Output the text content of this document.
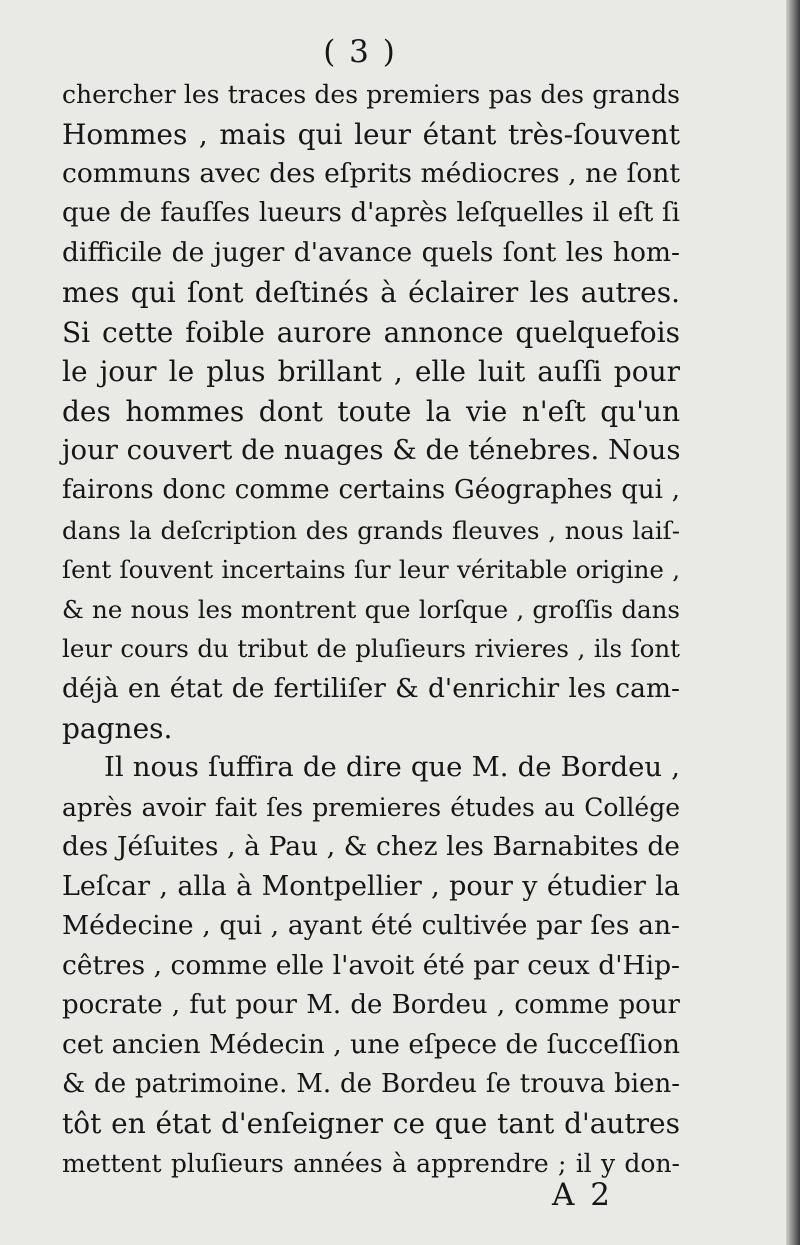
( 3 )
chercher les traces des premiers pas des grands
Hommes , mais qui leur étant très-ſouvent
communs avec des eſprits médiocres , ne ſont
que de fauſſes lueurs d'après leſquelles il eſt ſi
difficile de juger d'avance quels ſont les hom-
mes qui ſont deſtinés à éclairer les autres.
Si cette foible aurore annonce quelquefois
le jour le plus brillant , elle luit auſſi pour
des hommes dont toute la vie n'eſt qu'un
jour couvert de nuages & de ténebres. Nous
fairons donc comme certains Géographes qui ,
dans la deſcription des grands fleuves , nous laiſ-
ſent ſouvent incertains ſur leur véritable origine ,
& ne nous les montrent que lorſque , groſſis dans
leur cours du tribut de pluſieurs rivieres , ils ſont
déjà en état de fertiliſer & d'enrichir les cam-
pagnes.
Il nous ſuffira de dire que M. de Bordeu ,
après avoir fait ſes premieres études au Collége
des Jéſuites , à Pau , & chez les Barnabites de
Leſcar , alla à Montpellier , pour y étudier la
Médecine , qui , ayant été cultivée par ſes an-
cêtres , comme elle l'avoit été par ceux d'Hip-
pocrate , fut pour M. de Bordeu , comme pour
cet ancien Médecin , une eſpece de ſucceſſion
& de patrimoine. M. de Bordeu ſe trouva bien-
tôt en état d'enſeigner ce que tant d'autres
mettent pluſieurs années à apprendre ; il y don-
A 2
